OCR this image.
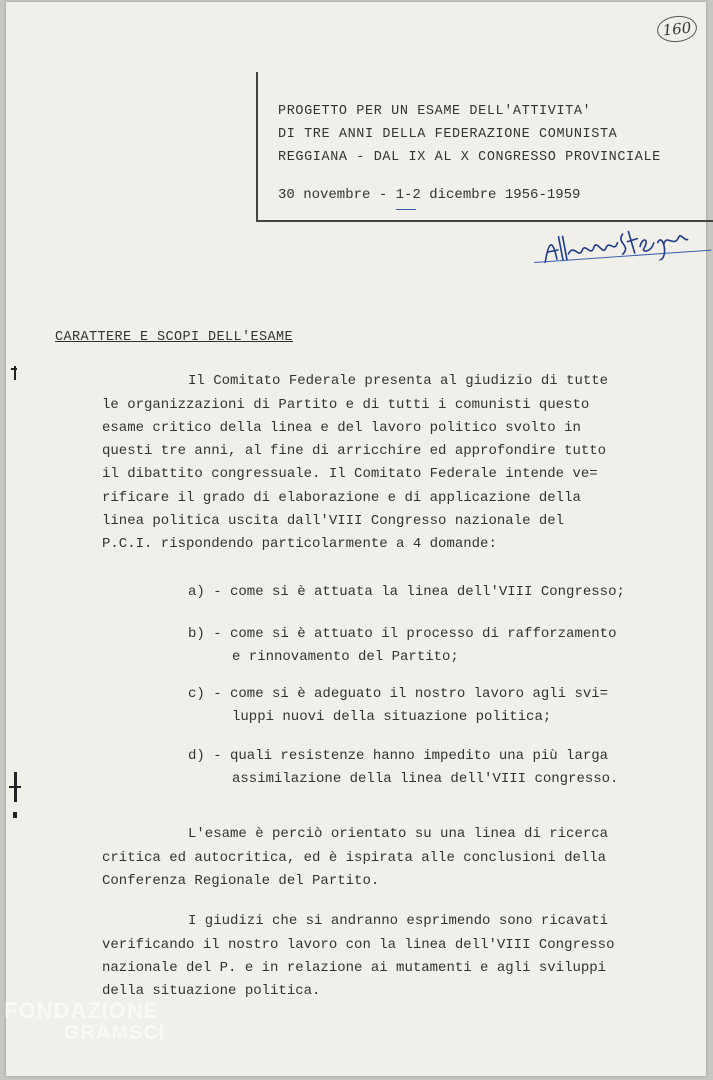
160
PROGETTO PER UN ESAME DELL'ATTIVITA'
DI TRE ANNI DELLA FEDERAZIONE COMUNISTA
REGGIANA - DAL IX AL X CONGRESSO PROVINCIALE
30 novembre - 1-2 dicembre 1956-1959
CARATTERE E SCOPI DELL'ESAME
Il Comitato Federale presenta al giudizio di tutte
le organizzazioni di Partito e di tutti i comunisti questo
esame critico della linea e del lavoro politico svolto in
questi tre anni, al fine di arricchire ed approfondire tutto
il dibattito congressuale. Il Comitato Federale intende ve=
rificare il grado di elaborazione e di applicazione della
linea politica uscita dall'VIII Congresso nazionale del
P.C.I. rispondendo particolarmente a 4 domande:
a) - come si è attuata la linea dell'VIII Congresso;
b) - come si è attuato il processo di rafforzamento
e rinnovamento del Partito;
c) - come si è adeguato il nostro lavoro agli svi=
luppi nuovi della situazione politica;
d) - quali resistenze hanno impedito una più larga
assimilazione della linea dell'VIII congresso.
L'esame è perciò orientato su una linea di ricerca
critica ed autocritica, ed è ispirata alle conclusioni della
Conferenza Regionale del Partito.
I giudizi che si andranno esprimendo sono ricavati
verificando il nostro lavoro con la linea dell'VIII Congresso
nazionale del P. e in relazione ai mutamenti e agli sviluppi
della situazione politica.
FONDAZIONE
GRAMSCI
